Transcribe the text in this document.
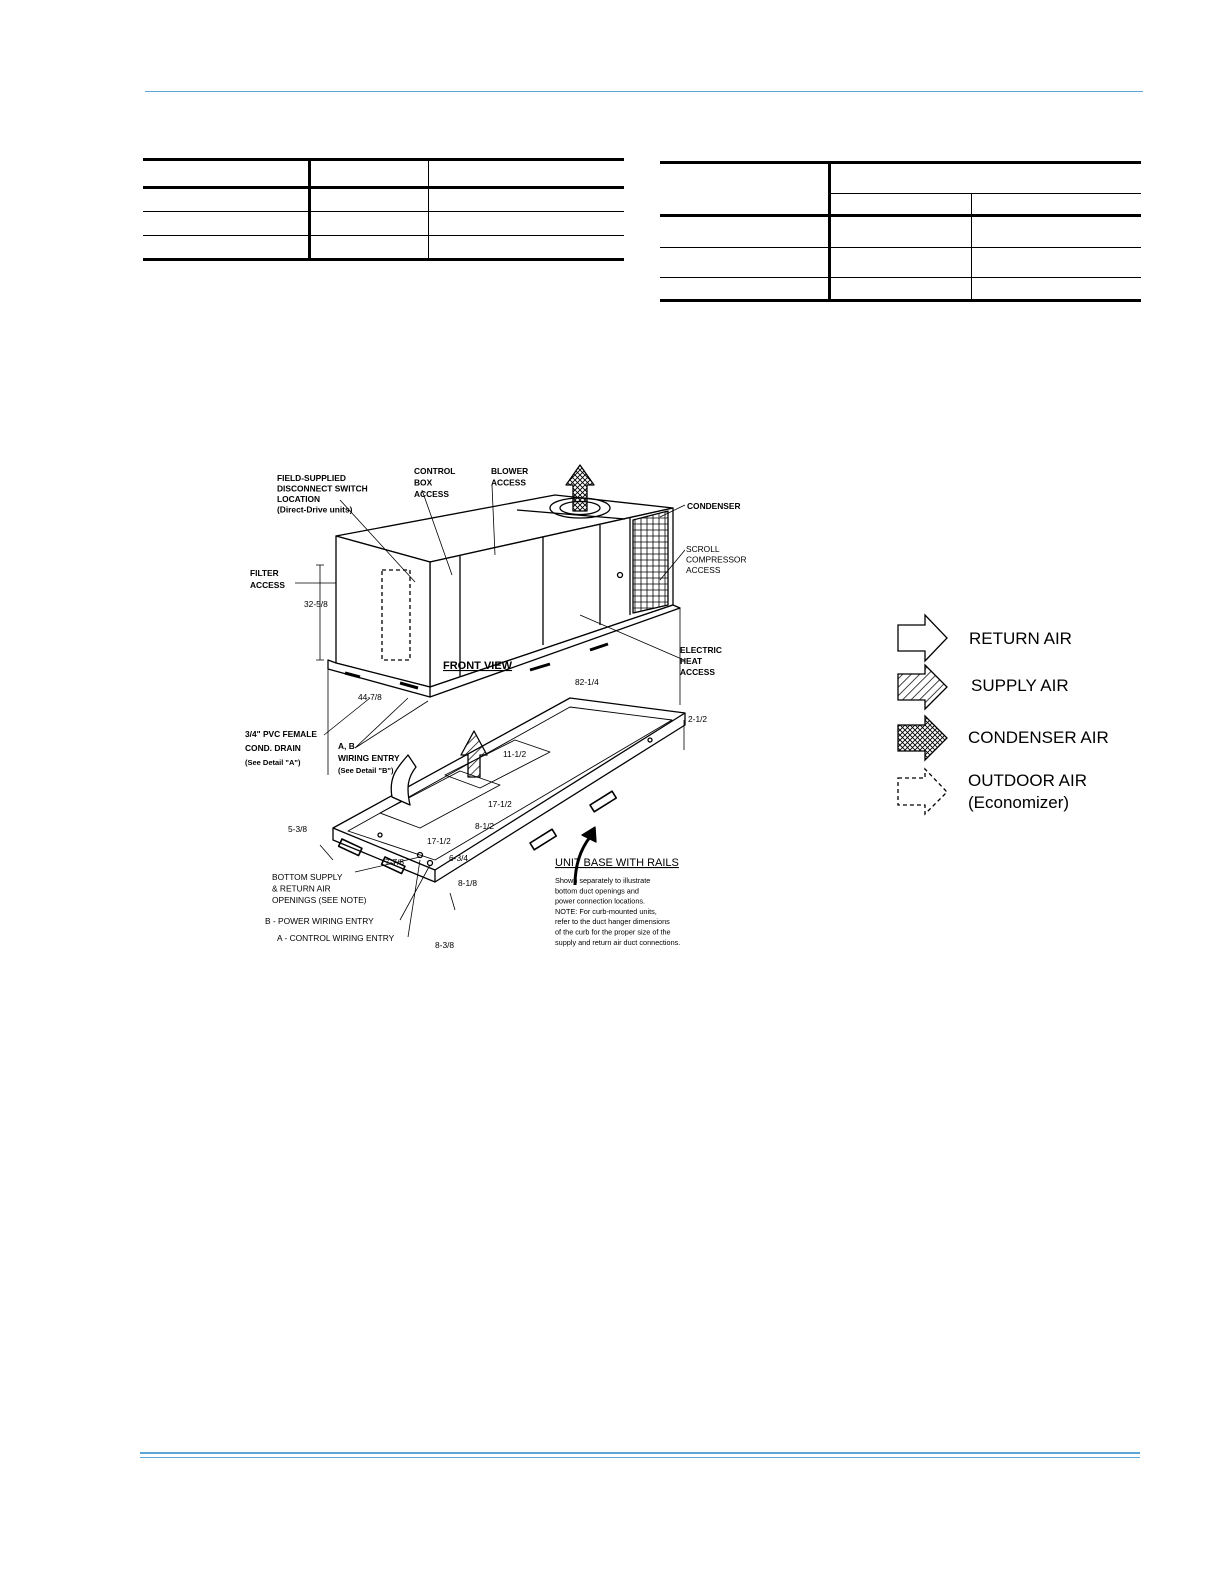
FIELD-SUPPLIED DISCONNECT SWITCH LOCATION (Direct-Drive units)
CONTROL BOX ACCESS
BLOWER ACCESS
CONDENSER
SCROLL COMPRESSOR ACCESS
FILTER ACCESS
FRONT VIEW
ELECTRIC HEAT ACCESS
3/4" PVC FEMALE COND. DRAIN (See Detail "A")
A, B WIRING ENTRY (See Detail "B")
UNIT BASE WITH RAILS
Shown separately to illustrate bottom duct openings and power connection locations. NOTE: For curb-mounted units, refer to the duct hanger dimensions of the curb for the proper size of the supply and return air duct connections.
BOTTOM SUPPLY & RETURN AIR OPENINGS (SEE NOTE)
B - POWER WIRING ENTRY
A - CONTROL WIRING ENTRY
32-5/8
44-7/8
82-1/4
2-1/2
11-1/2
17-1/2
8-1/2
17-1/2
5-3/8
7-7/8	6-3/4
8-1/8
8-3/8
RETURN AIR
SUPPLY AIR
CONDENSER AIR
OUTDOOR AIR
(Economizer)
